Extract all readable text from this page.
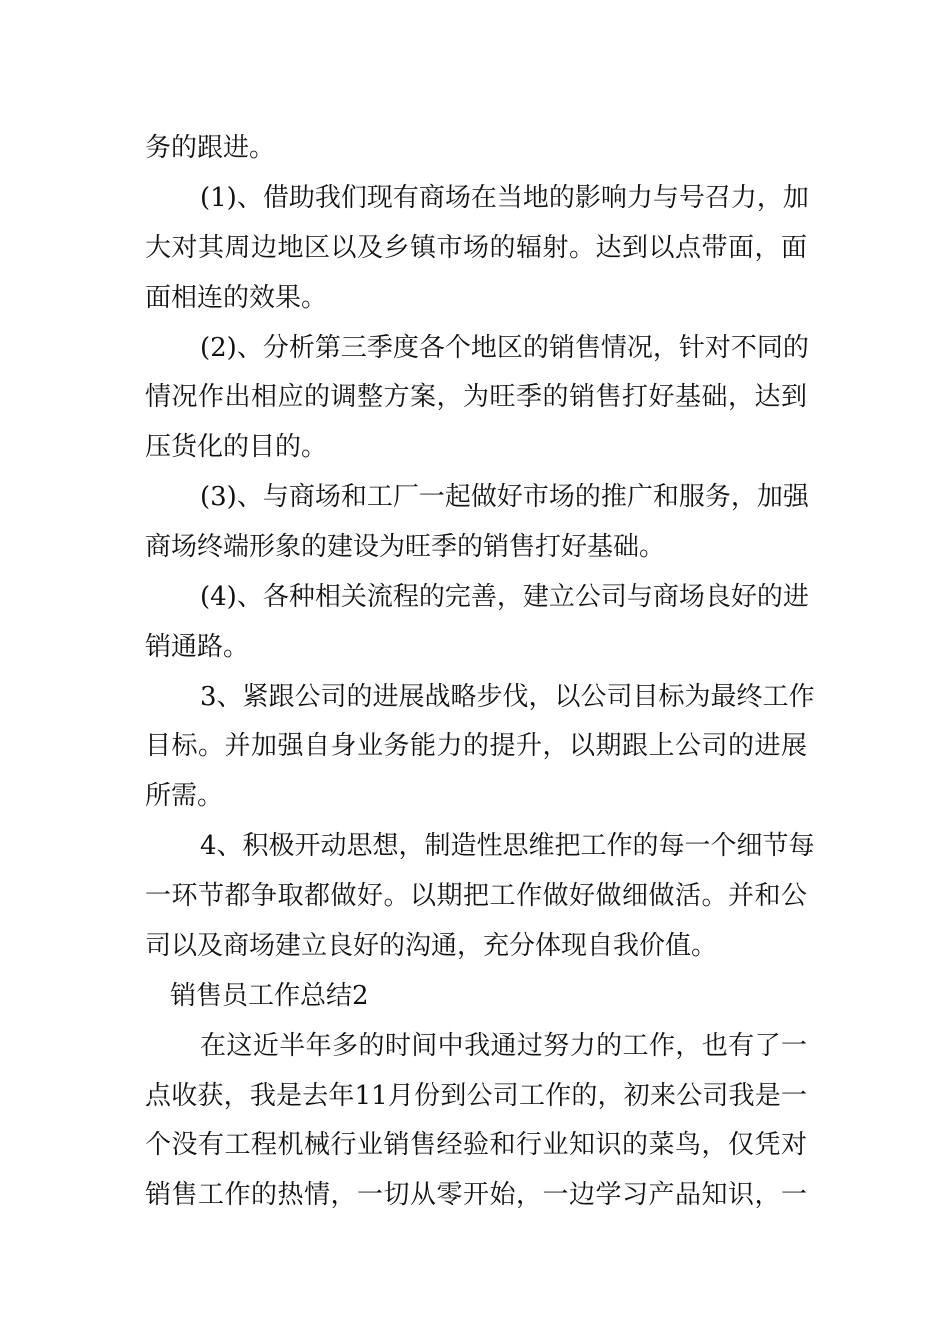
务的跟进。
(1)、借助我们现有商场在当地的影响力与号召力，加
大对其周边地区以及乡镇市场的辐射。达到以点带面，面
面相连的效果。
(2)、分析第三季度各个地区的销售情况，针对不同的
情况作出相应的调整方案，为旺季的销售打好基础，达到
压货化的目的。
(3)、与商场和工厂一起做好市场的推广和服务，加强
商场终端形象的建设为旺季的销售打好基础。
(4)、各种相关流程的完善，建立公司与商场良好的进
销通路。
3、紧跟公司的进展战略步伐，以公司目标为最终工作
目标。并加强自身业务能力的提升，以期跟上公司的进展
所需。
4、积极开动思想，制造性思维把工作的每一个细节每
一环节都争取都做好。以期把工作做好做细做活。并和公
司以及商场建立良好的沟通，充分体现自我价值。
销售员工作总结2
在这近半年多的时间中我通过努力的工作，也有了一
点收获，我是去年11月份到公司工作的，初来公司我是一
个没有工程机械行业销售经验和行业知识的菜鸟，仅凭对
销售工作的热情，一切从零开始，一边学习产品知识，一
